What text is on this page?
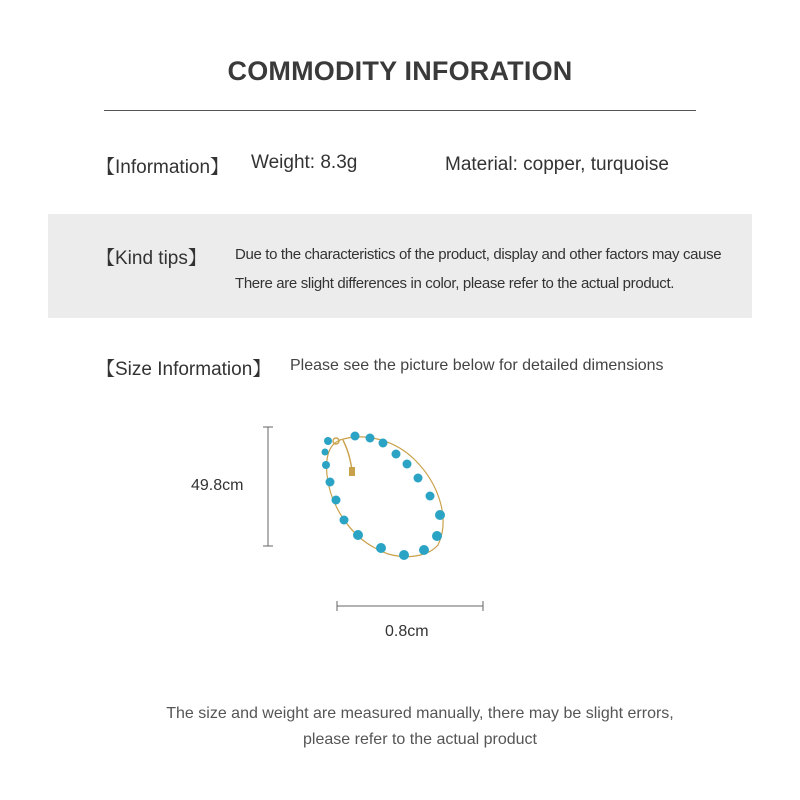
COMMODITY INFORATION
【Information】 Weight: 8.3g	Material: copper, turquoise
【Kind tips】 Due to the characteristics of the product, display and other factors may cause
There are slight differences in color, please refer to the actual product.
【Size Information】 Please see the picture below for detailed dimensions
49.8cm
0.8cm
The size and weight are measured manually, there may be slight errors,
please refer to the actual product
